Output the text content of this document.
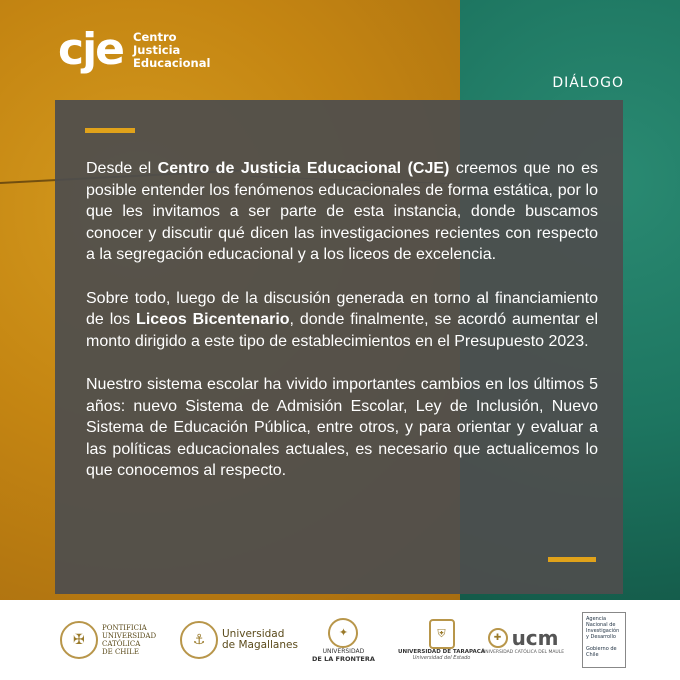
cje Centro
Justicia
Educacional
DIÁLOGO

Desde el Centro de Justicia Educacional (CJE) creemos que no es posible entender los fenómenos educacionales de forma estática, por lo que les invitamos a ser parte de esta instancia, donde buscamos conocer y discutir qué dicen las investigaciones recientes con respecto a la segregación educacional y a los liceos de excelencia.

Sobre todo, luego de la discusión generada en torno al financiamiento de los Liceos Bicentenario, donde finalmente, se acordó aumentar el monto dirigido a este tipo de establecimientos en el Presupuesto 2023.

Nuestro sistema escolar ha vivido importantes cambios en los últimos 5 años: nuevo Sistema de Admisión Escolar, Ley de Inclusión, Nuevo Sistema de Educación Pública, entre otros, y para orientar y evaluar a las políticas educacionales actuales, es necesario que actualicemos lo que conocemos al respecto.

✠
PONTIFICIA
UNIVERSIDAD
CATÓLICA
DE CHILE
⚓	Universidad
de Magallanes
✦
UNIVERSIDAD
DE LA FRONTERA
⛨
UNIVERSIDAD DE TARAPACÁ
Universidad del Estado
✚ ucm
UNIVERSIDAD CATÓLICA DEL MAULE
Agencia
Nacional de
Investigación
y Desarrollo
Gobierno de Chile
